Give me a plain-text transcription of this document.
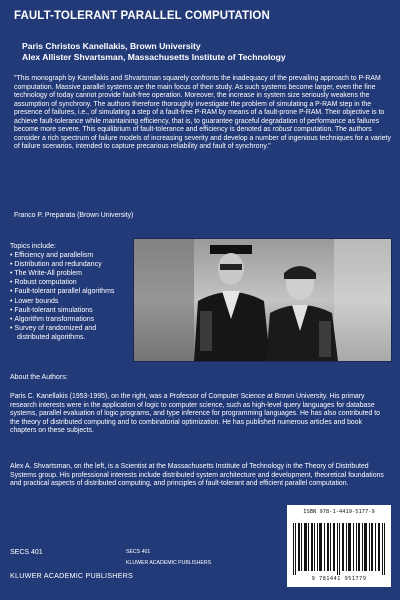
FAULT-TOLERANT PARALLEL COMPUTATION
Paris Christos Kanellakis, Brown University
Alex Allister Shvartsman, Massachusetts Institute of Technology
"This monograph by Kanellakis and Shvartsman squarely confronts the inadequacy of the prevailing approach to P-RAM computation. Massive parallel systems are the main focus of their study. As such systems become larger, even the fine technology of today cannot provide fault-free operation. Moreover, the increase in system size seriously weakens the assumption of synchrony. The authors therefore thoroughly investigate the problem of simulating a P-RAM step in the presence of failures, i.e., of simulating a step of a fault-free P-RAM by means of a fault-prone P-RAM. Their objective is to achieve fault-tolerance while maintaining efficiency, that is, to guarantee graceful degradation of performance as failures become more severe. This equilibrium of fault-tolerance and efficiency is denoted as robust computation. The authors consider a rich spectrum of failure models of increasing severity and develop a number of ingenious techniques for a variety of failure scenarios, intended to capture precarious reliability and fault of synchrony."
Franco P. Preparata (Brown University)
Topics include:
• Efficiency and parallelism
• Distribution and redundancy
• The Write-All problem
• Robust computation
• Fault-tolerant parallel algorithms
• Lower bounds
• Fault-tolerant simulations
• Algorithm transformations
• Survey of randomized and distributed algorithms.
About the Authors:
Paris C. Kanellakis (1953-1995), on the right, was a Professor of Computer Science at Brown University. His primary research interests were in the application of logic to computer science, such as high-level query languages for database systems, parallel evaluation of logic programs, and type inference for programming languages. He has also contributed to the theory of distributed computing and to combinatorial optimization. He has published numerous articles and book chapters on these subjects.
Alex A. Shvartsman, on the left, is a Scientist at the Massachusetts Institute of Technology in the Theory of Distributed Systems group. His professional interests include distributed system architecture and development, theoretical foundations and practical aspects of distributed computing, and principles of fault-tolerant and efficient parallel computation.
ISBN 978-1-4419-5177-9
9 781441 951779
SECS 401	SECS 401
KLUWER ACADEMIC PUBLISHERS
KLUWER ACADEMIC PUBLISHERS
